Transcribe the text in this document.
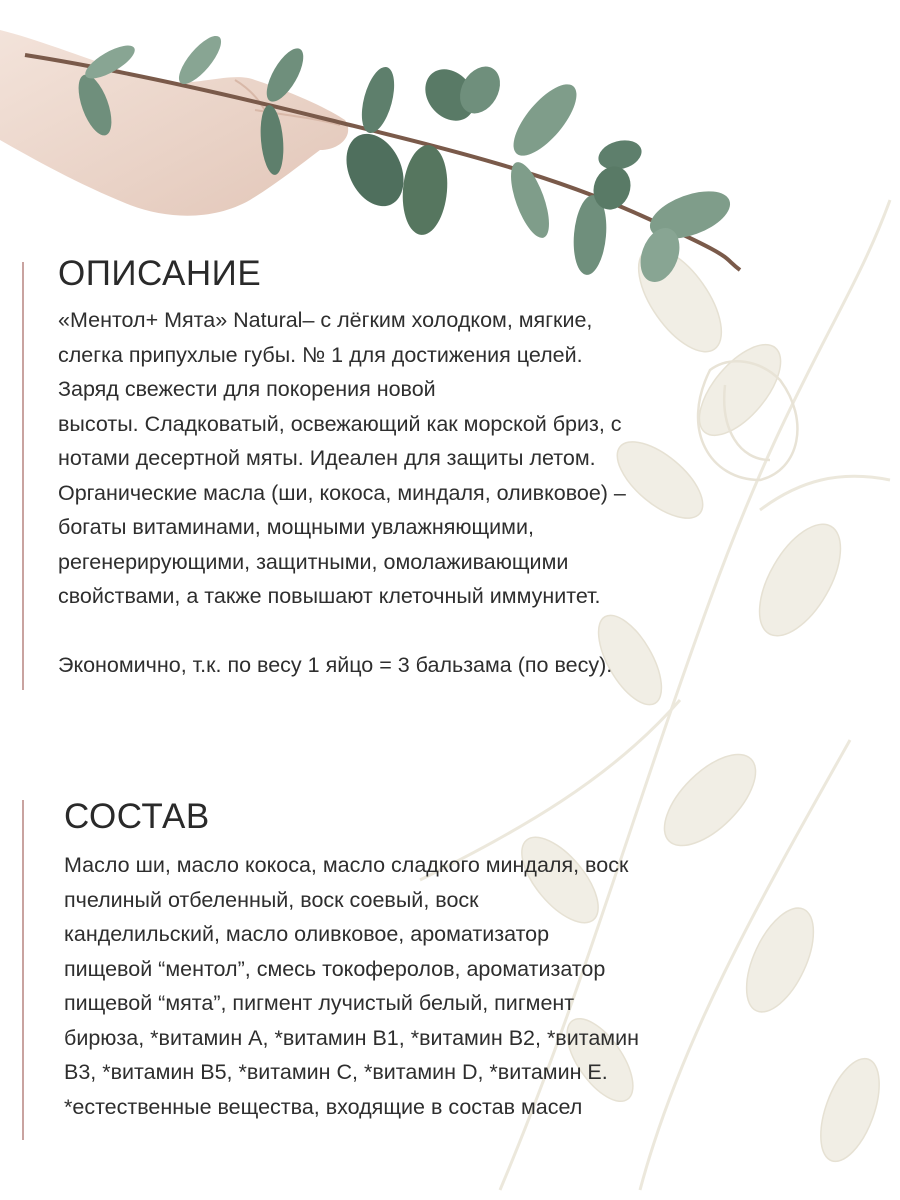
ОПИСАНИЕ
«Ментол+ Мята» Natural– с лёгким холодком, мягкие,
слегка припухлые губы. № 1 для достижения целей.
Заряд свежести для покорения новой
высоты. Сладковатый, освежающий как морской бриз, с
нотами десертной мяты. Идеален для защиты летом.
Органические масла (ши, кокоса, миндаля, оливковое) –
богаты витаминами, мощными увлажняющими,
регенерирующими, защитными, омолаживающими
свойствами, а также повышают клеточный иммунитет.
Экономично, т.к. по весу 1 яйцо = 3 бальзама (по весу).
СОСТАВ
Масло ши, масло кокоса, масло сладкого миндаля, воск
пчелиный отбеленный, воск соевый, воск
канделильский, масло оливковое, ароматизатор
пищевой “ментол”, смесь токоферолов, ароматизатор
пищевой “мята”, пигмент лучистый белый, пигмент
бирюза, *витамин А, *витамин В1, *витамин В2, *витамин
В3, *витамин В5, *витамин С, *витамин D, *витамин Е.
*естественные вещества, входящие в состав масел
